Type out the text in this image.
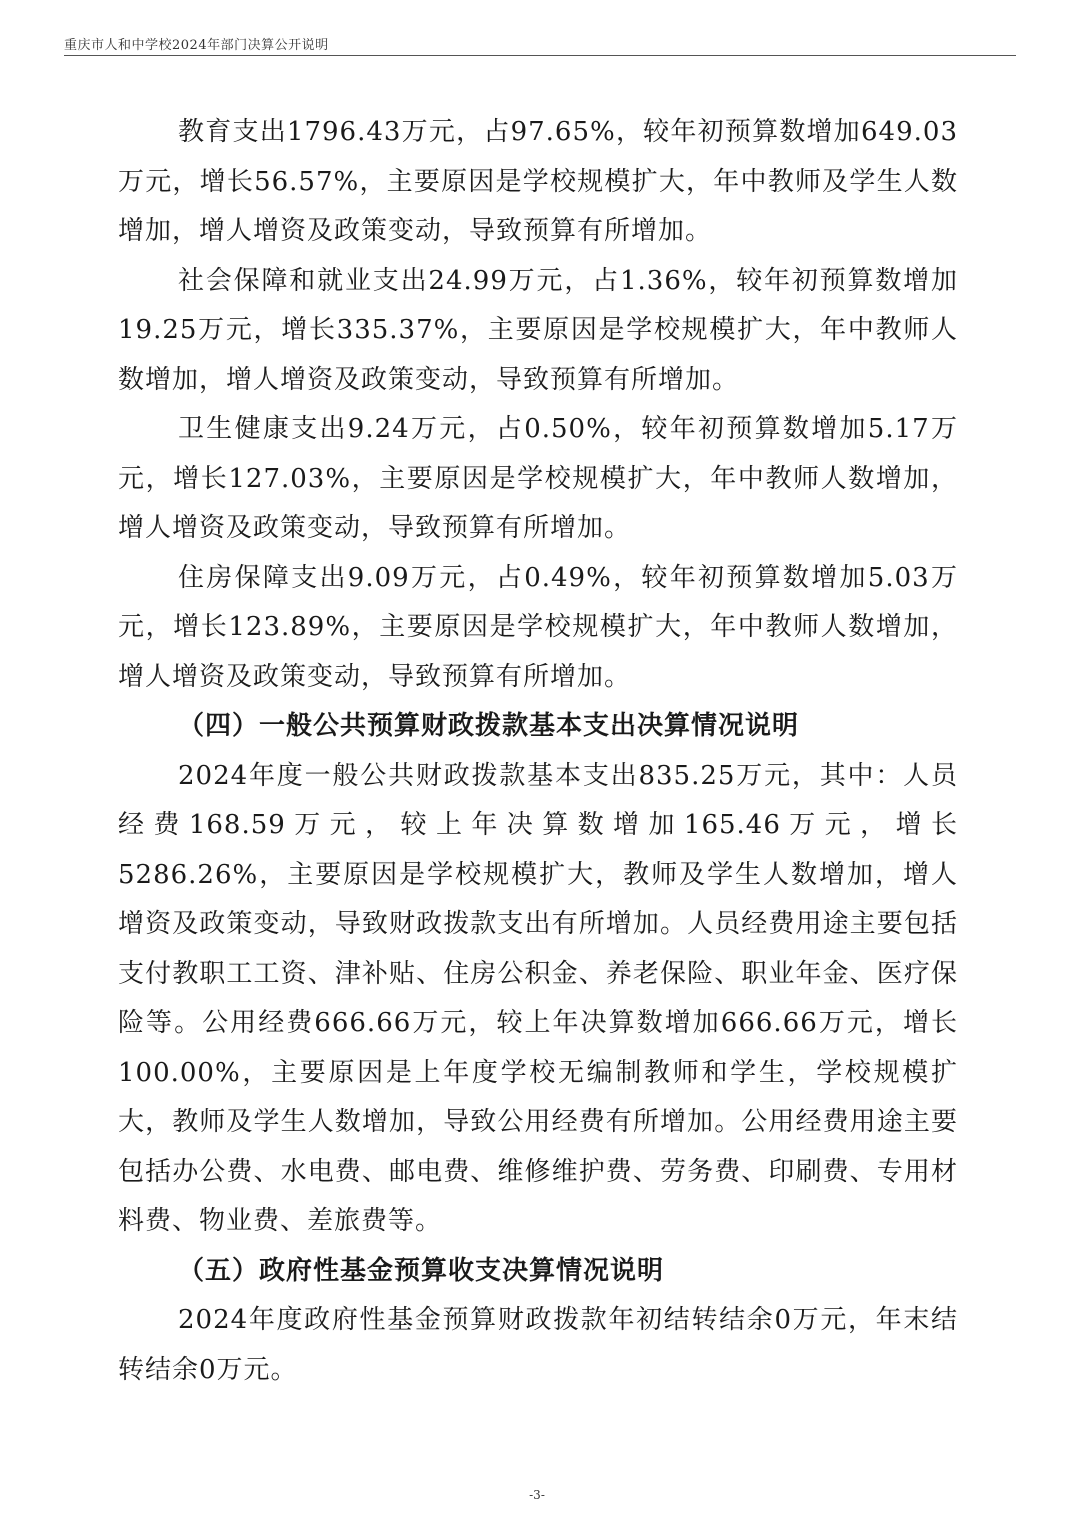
重庆市人和中学校2024年部门决算公开说明

教育支出1796.43万元，占97.65%，较年初预算数增加649.03万元，增长56.57%，主要原因是学校规模扩大，年中教师及学生人数增加，增人增资及政策变动，导致预算有所增加。

社会保障和就业支出24.99万元，占1.36%，较年初预算数增加19.25万元，增长335.37%，主要原因是学校规模扩大，年中教师人数增加，增人增资及政策变动，导致预算有所增加。

卫生健康支出9.24万元，占0.50%，较年初预算数增加5.17万元，增长127.03%，主要原因是学校规模扩大，年中教师人数增加，增人增资及政策变动，导致预算有所增加。

住房保障支出9.09万元，占0.49%，较年初预算数增加5.03万元，增长123.89%，主要原因是学校规模扩大，年中教师人数增加，增人增资及政策变动，导致预算有所增加。

（四）一般公共预算财政拨款基本支出决算情况说明

2024年度一般公共财政拨款基本支出835.25万元，其中：人员经费168.59万元，较上年决算数增加165.46万元，增长5286.26%，主要原因是学校规模扩大，教师及学生人数增加，增人增资及政策变动，导致财政拨款支出有所增加。人员经费用途主要包括支付教职工工资、津补贴、住房公积金、养老保险、职业年金、医疗保险等。公用经费666.66万元，较上年决算数增加666.66万元，增长100.00%，主要原因是上年度学校无编制教师和学生，学校规模扩大，教师及学生人数增加，导致公用经费有所增加。公用经费用途主要包括办公费、水电费、邮电费、维修维护费、劳务费、印刷费、专用材料费、物业费、差旅费等。

（五）政府性基金预算收支决算情况说明

2024年度政府性基金预算财政拨款年初结转结余0万元，年末结转结余0万元。

-3-
